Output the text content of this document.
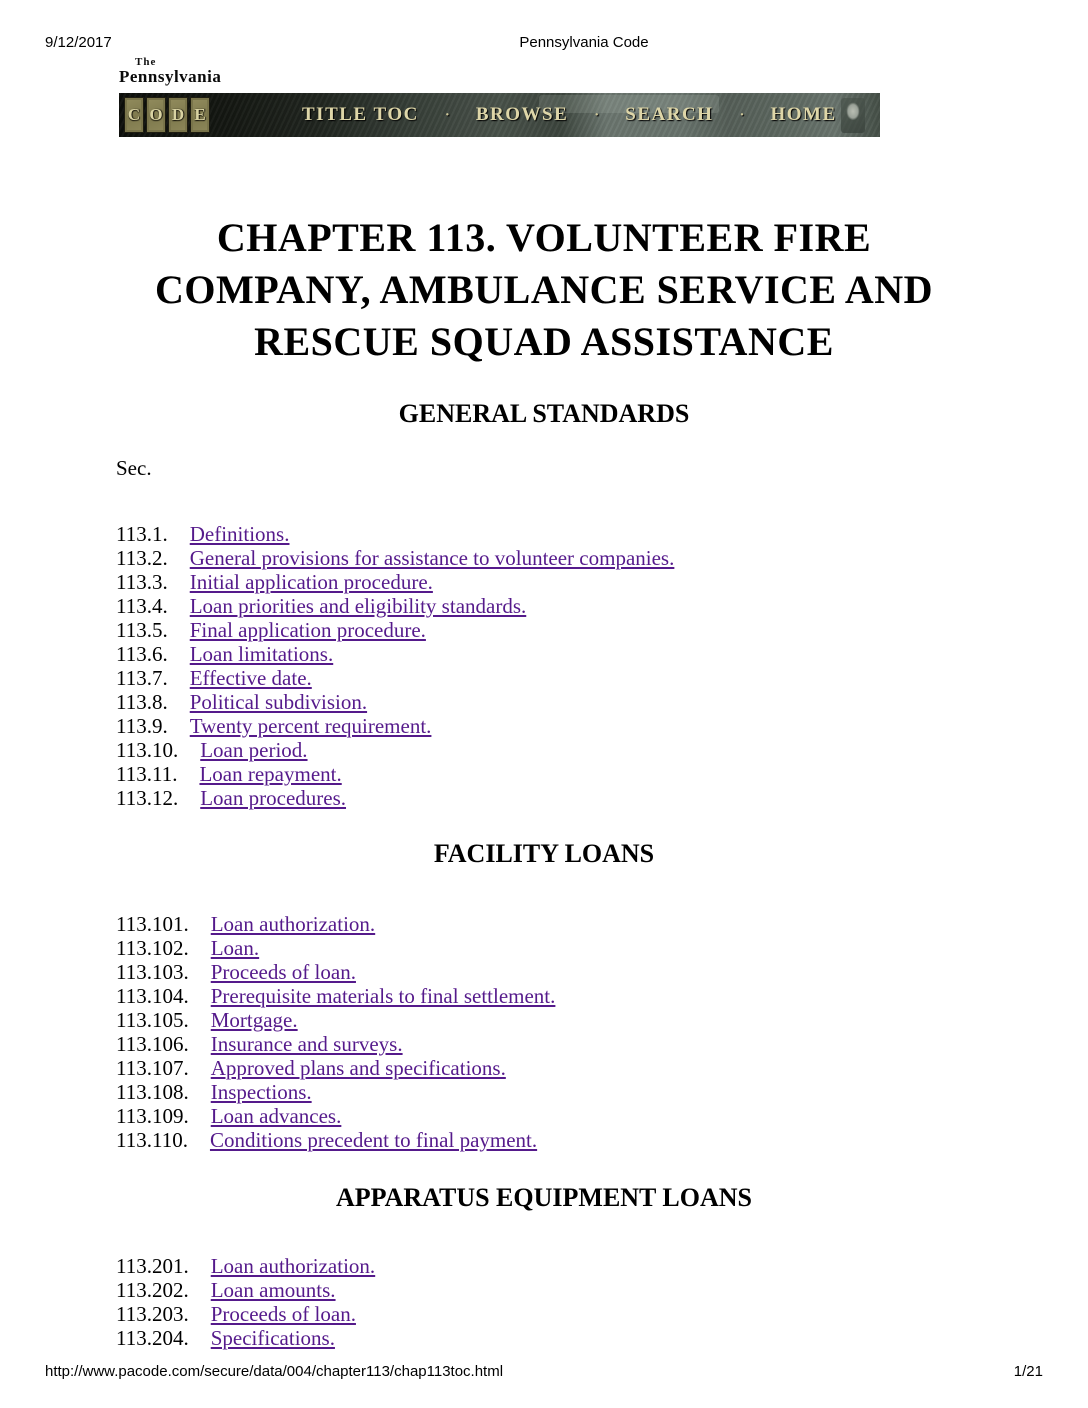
9/12/2017	Pennsylvania Code
The
Pennsylvania
C O D E	TITLE TOC · BROWSE · SEARCH · HOME
CHAPTER 113. VOLUNTEER FIRE
COMPANY, AMBULANCE SERVICE AND
RESCUE SQUAD ASSISTANCE
GENERAL STANDARDS
Sec.
113.1. Definitions.
113.2. General provisions for assistance to volunteer companies.
113.3. Initial application procedure.
113.4. Loan priorities and eligibility standards.
113.5. Final application procedure.
113.6. Loan limitations.
113.7. Effective date.
113.8. Political subdivision.
113.9. Twenty percent requirement.
113.10. Loan period.
113.11. Loan repayment.
113.12. Loan procedures.
FACILITY LOANS
113.101. Loan authorization.
113.102. Loan.
113.103. Proceeds of loan.
113.104. Prerequisite materials to final settlement.
113.105. Mortgage.
113.106. Insurance and surveys.
113.107. Approved plans and specifications.
113.108. Inspections.
113.109. Loan advances.
113.110. Conditions precedent to final payment.
APPARATUS EQUIPMENT LOANS
113.201. Loan authorization.
113.202. Loan amounts.
113.203. Proceeds of loan.
113.204. Specifications.
http://www.pacode.com/secure/data/004/chapter113/chap113toc.html	1/21
